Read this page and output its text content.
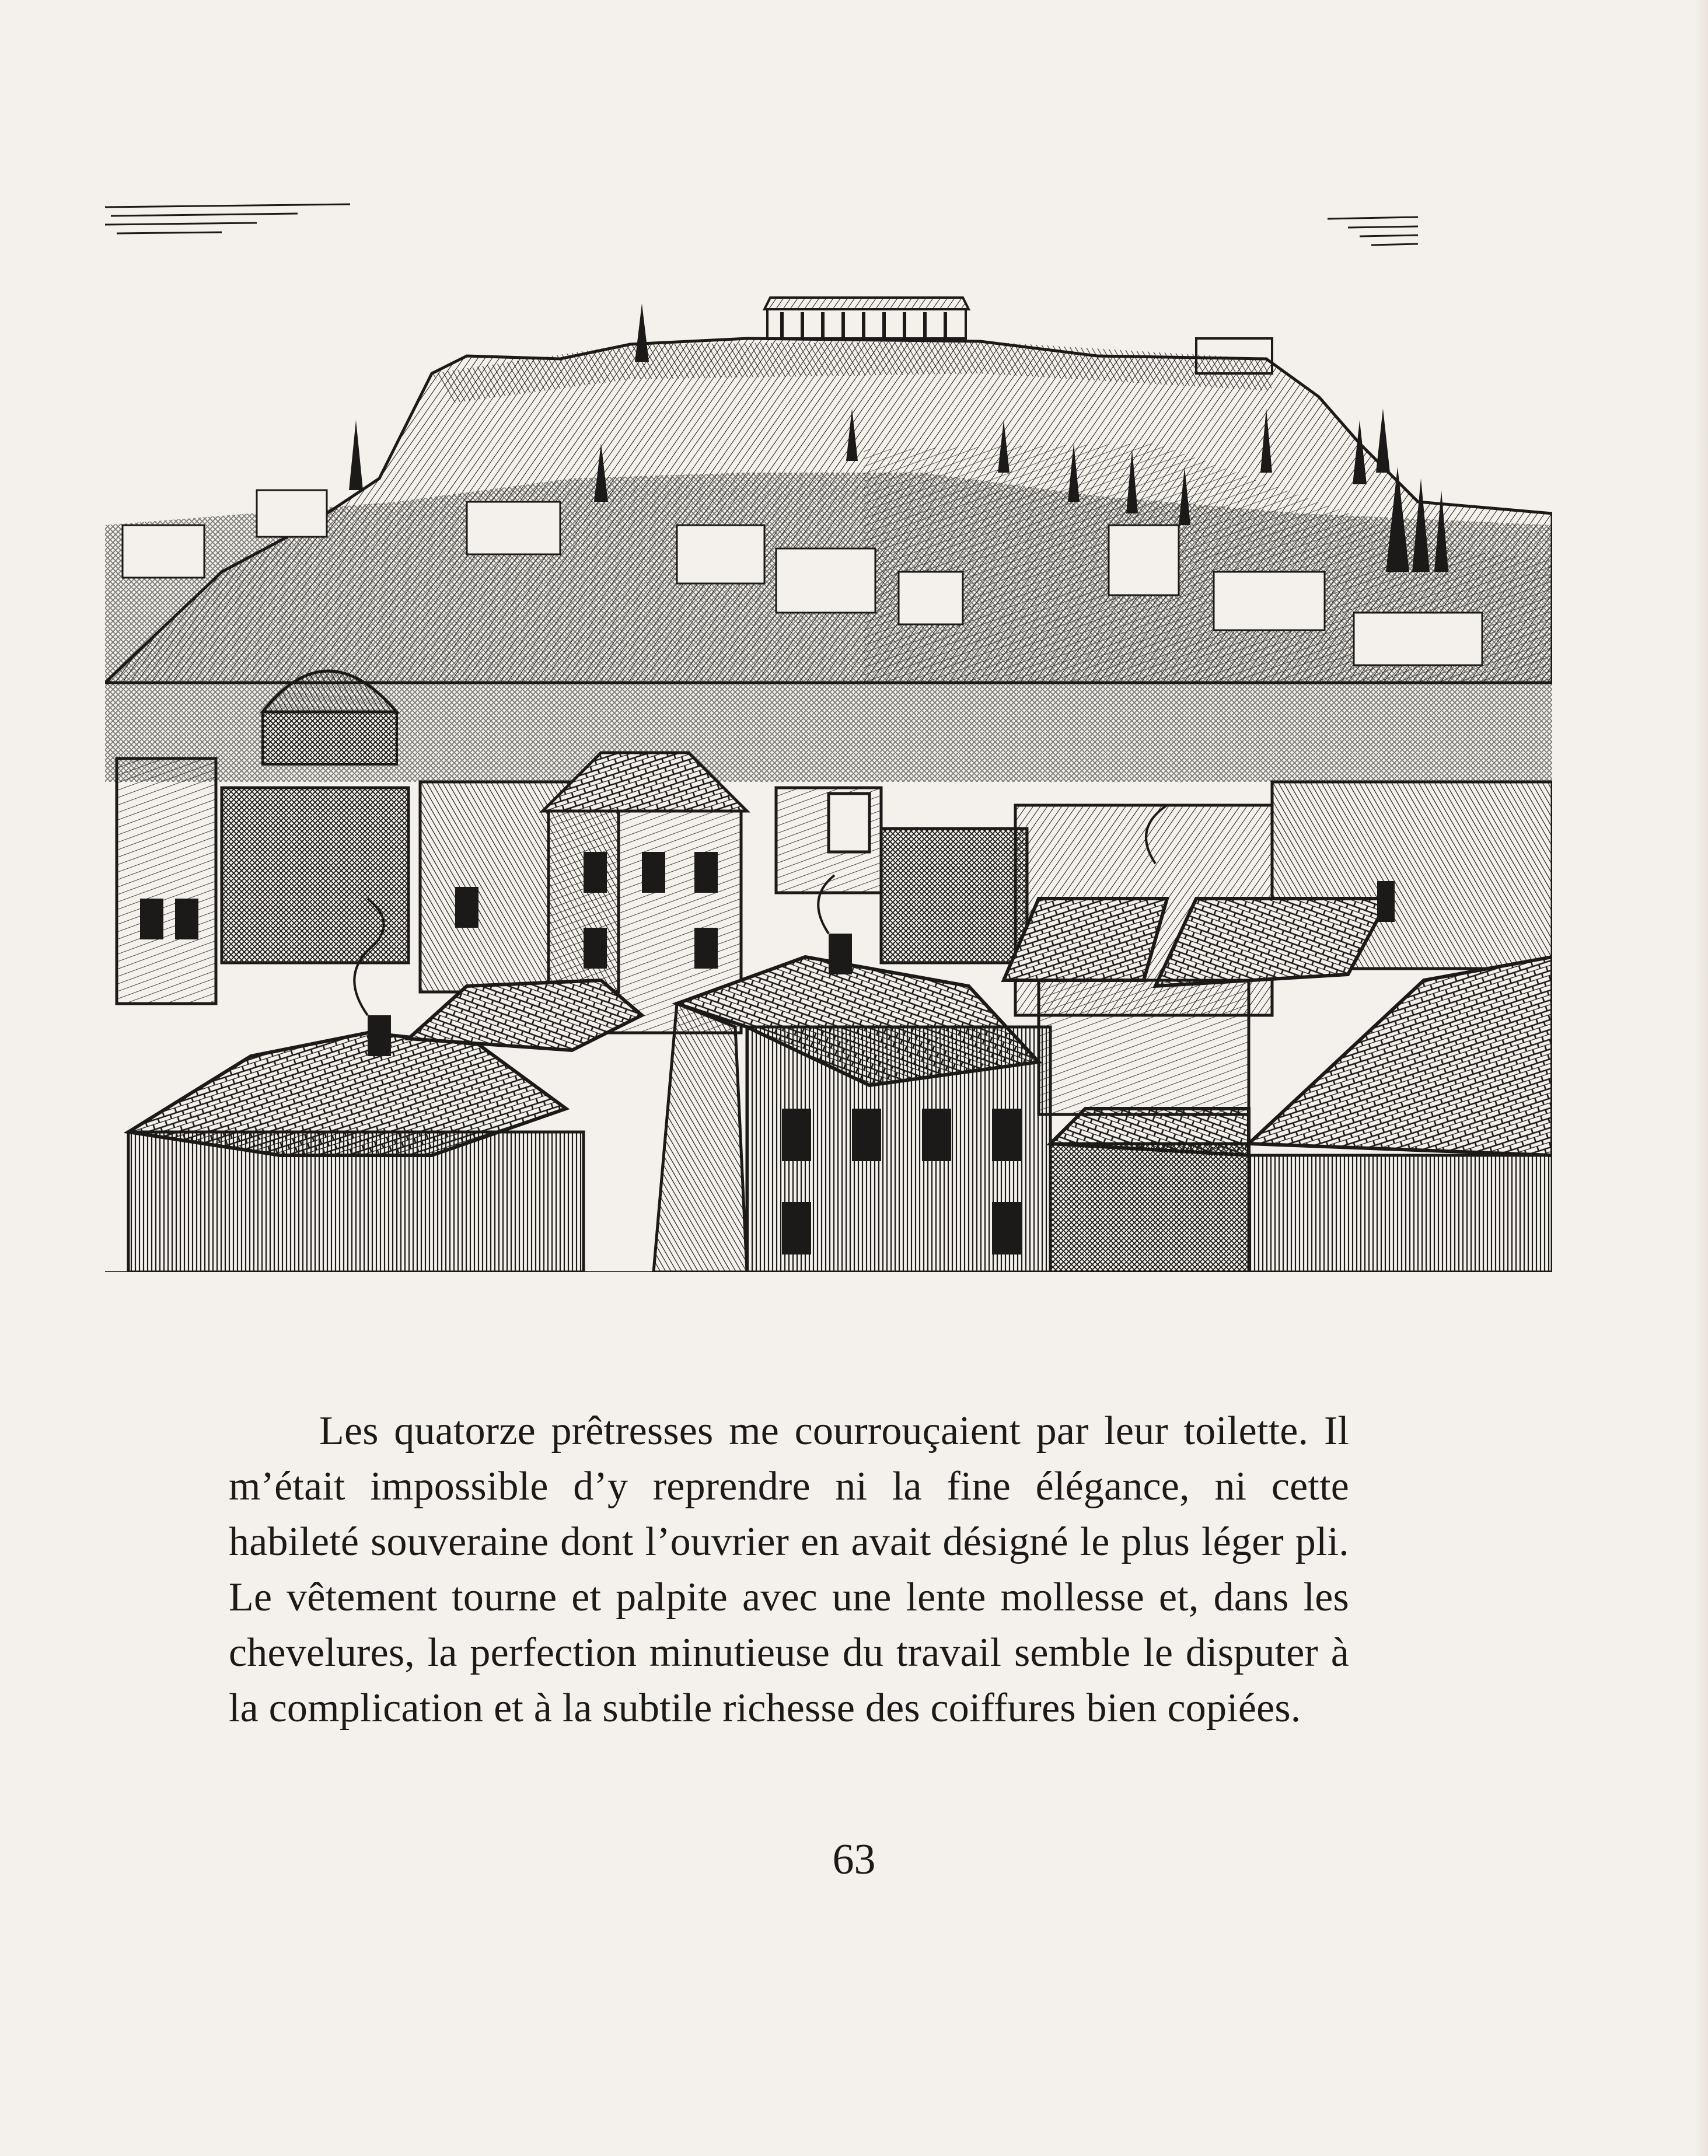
Les quatorze prêtresses me courrouçaient par leur toilette. Il m’était impossible d’y reprendre ni la fine élégance, ni cette habileté souveraine dont l’ouvrier en avait désigné le plus léger pli. Le vêtement tourne et palpite avec une lente mollesse et, dans les chevelures, la perfection minutieuse du travail semble le disputer à la complication et à la subtile richesse des coiffures bien copiées.

63
